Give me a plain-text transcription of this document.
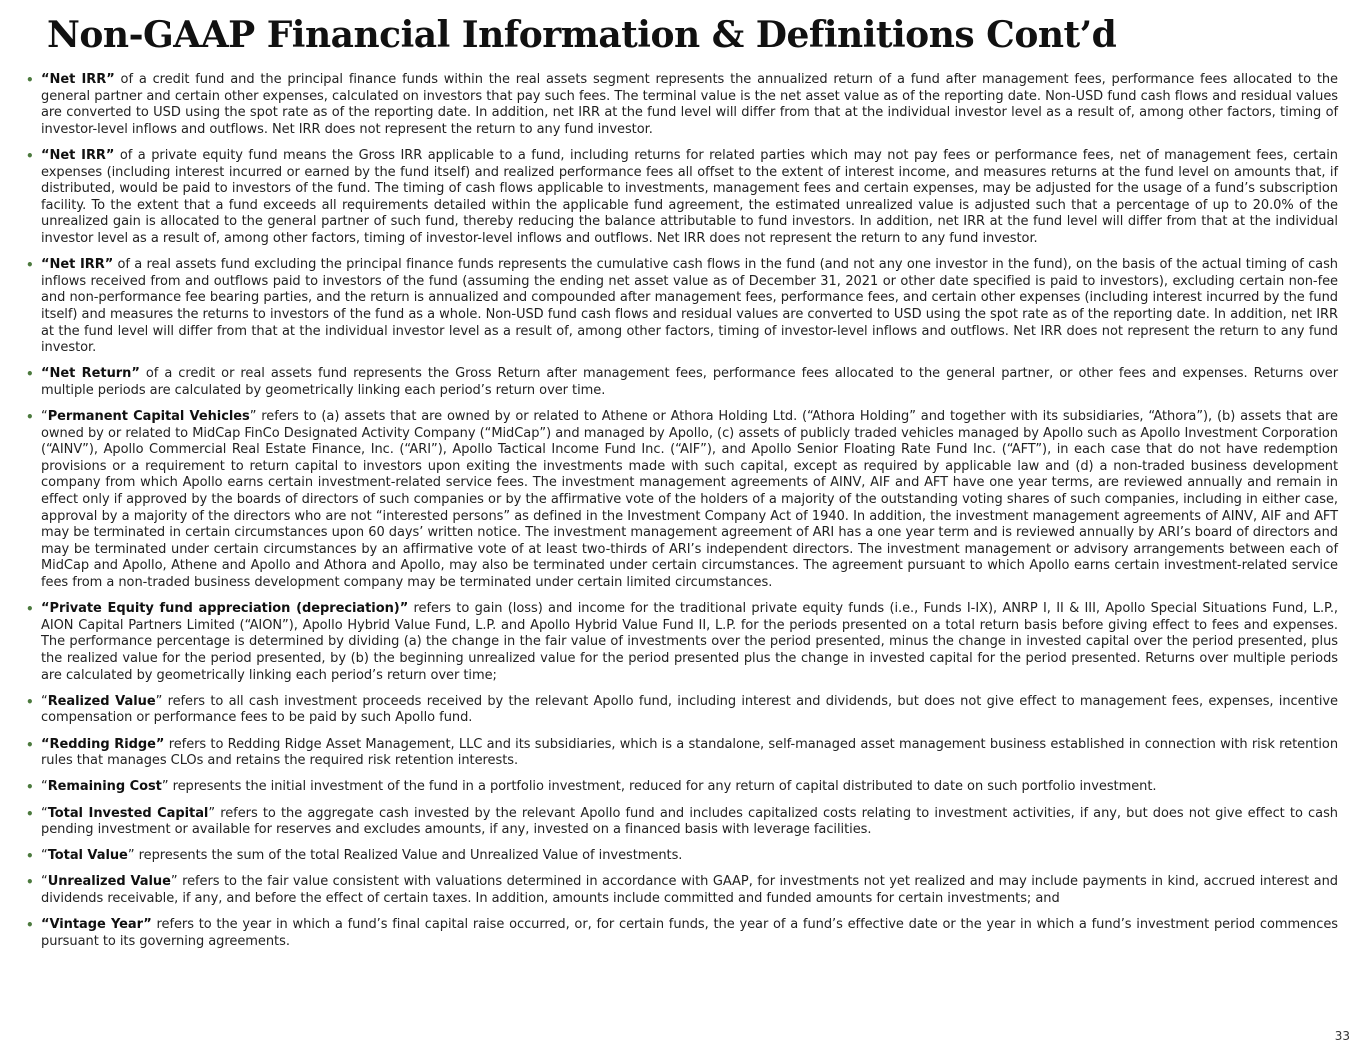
Non-GAAP Financial Information & Definitions Cont’d
• “Net IRR” of a credit fund and the principal finance funds within the real assets segment represents the annualized return of a fund after management fees, performance fees allocated to the general partner and certain other expenses, calculated on investors that pay such fees. The terminal value is the net asset value as of the reporting date. Non-USD fund cash flows and residual values are converted to USD using the spot rate as of the reporting date. In addition, net IRR at the fund level will differ from that at the individual investor level as a result of, among other factors, timing of investor-level inflows and outflows. Net IRR does not represent the return to any fund investor.
• “Net IRR” of a private equity fund means the Gross IRR applicable to a fund, including returns for related parties which may not pay fees or performance fees, net of management fees, certain expenses (including interest incurred or earned by the fund itself) and realized performance fees all offset to the extent of interest income, and measures returns at the fund level on amounts that, if distributed, would be paid to investors of the fund. The timing of cash flows applicable to investments, management fees and certain expenses, may be adjusted for the usage of a fund’s subscription facility. To the extent that a fund exceeds all requirements detailed within the applicable fund agreement, the estimated unrealized value is adjusted such that a percentage of up to 20.0% of the unrealized gain is allocated to the general partner of such fund, thereby reducing the balance attributable to fund investors. In addition, net IRR at the fund level will differ from that at the individual investor level as a result of, among other factors, timing of investor-level inflows and outflows. Net IRR does not represent the return to any fund investor.
• “Net IRR” of a real assets fund excluding the principal finance funds represents the cumulative cash flows in the fund (and not any one investor in the fund), on the basis of the actual timing of cash inflows received from and outflows paid to investors of the fund (assuming the ending net asset value as of December 31, 2021 or other date specified is paid to investors), excluding certain non-fee and non-performance fee bearing parties, and the return is annualized and compounded after management fees, performance fees, and certain other expenses (including interest incurred by the fund itself) and measures the returns to investors of the fund as a whole. Non-USD fund cash flows and residual values are converted to USD using the spot rate as of the reporting date. In addition, net IRR at the fund level will differ from that at the individual investor level as a result of, among other factors, timing of investor-level inflows and outflows. Net IRR does not represent the return to any fund investor.
• “Net Return” of a credit or real assets fund represents the Gross Return after management fees, performance fees allocated to the general partner, or other fees and expenses. Returns over multiple periods are calculated by geometrically linking each period’s return over time.
• “Permanent Capital Vehicles” refers to (a) assets that are owned by or related to Athene or Athora Holding Ltd. (“Athora Holding” and together with its subsidiaries, “Athora”), (b) assets that are owned by or related to MidCap FinCo Designated Activity Company (“MidCap”) and managed by Apollo, (c) assets of publicly traded vehicles managed by Apollo such as Apollo Investment Corporation (“AINV”), Apollo Commercial Real Estate Finance, Inc. (“ARI”), Apollo Tactical Income Fund Inc. (“AIF”), and Apollo Senior Floating Rate Fund Inc. (“AFT”), in each case that do not have redemption provisions or a requirement to return capital to investors upon exiting the investments made with such capital, except as required by applicable law and (d) a non-traded business development company from which Apollo earns certain investment-related service fees. The investment management agreements of AINV, AIF and AFT have one year terms, are reviewed annually and remain in effect only if approved by the boards of directors of such companies or by the affirmative vote of the holders of a majority of the outstanding voting shares of such companies, including in either case, approval by a majority of the directors who are not “interested persons” as defined in the Investment Company Act of 1940. In addition, the investment management agreements of AINV, AIF and AFT may be terminated in certain circumstances upon 60 days’ written notice. The investment management agreement of ARI has a one year term and is reviewed annually by ARI’s board of directors and may be terminated under certain circumstances by an affirmative vote of at least two-thirds of ARI’s independent directors. The investment management or advisory arrangements between each of MidCap and Apollo, Athene and Apollo and Athora and Apollo, may also be terminated under certain circumstances. The agreement pursuant to which Apollo earns certain investment-related service fees from a non-traded business development company may be terminated under certain limited circumstances.
• “Private Equity fund appreciation (depreciation)” refers to gain (loss) and income for the traditional private equity funds (i.e., Funds I-IX), ANRP I, II & III, Apollo Special Situations Fund, L.P., AION Capital Partners Limited (“AION”), Apollo Hybrid Value Fund, L.P. and Apollo Hybrid Value Fund II, L.P. for the periods presented on a total return basis before giving effect to fees and expenses. The performance percentage is determined by dividing (a) the change in the fair value of investments over the period presented, minus the change in invested capital over the period presented, plus the realized value for the period presented, by (b) the beginning unrealized value for the period presented plus the change in invested capital for the period presented. Returns over multiple periods are calculated by geometrically linking each period’s return over time;
• “Realized Value” refers to all cash investment proceeds received by the relevant Apollo fund, including interest and dividends, but does not give effect to management fees, expenses, incentive compensation or performance fees to be paid by such Apollo fund.
• “Redding Ridge” refers to Redding Ridge Asset Management, LLC and its subsidiaries, which is a standalone, self-managed asset management business established in connection with risk retention rules that manages CLOs and retains the required risk retention interests.
• “Remaining Cost” represents the initial investment of the fund in a portfolio investment, reduced for any return of capital distributed to date on such portfolio investment.
• “Total Invested Capital” refers to the aggregate cash invested by the relevant Apollo fund and includes capitalized costs relating to investment activities, if any, but does not give effect to cash pending investment or available for reserves and excludes amounts, if any, invested on a financed basis with leverage facilities.
• “Total Value” represents the sum of the total Realized Value and Unrealized Value of investments.
• “Unrealized Value” refers to the fair value consistent with valuations determined in accordance with GAAP, for investments not yet realized and may include payments in kind, accrued interest and dividends receivable, if any, and before the effect of certain taxes. In addition, amounts include committed and funded amounts for certain investments; and
• “Vintage Year” refers to the year in which a fund’s final capital raise occurred, or, for certain funds, the year of a fund’s effective date or the year in which a fund’s investment period commences pursuant to its governing agreements.
33
